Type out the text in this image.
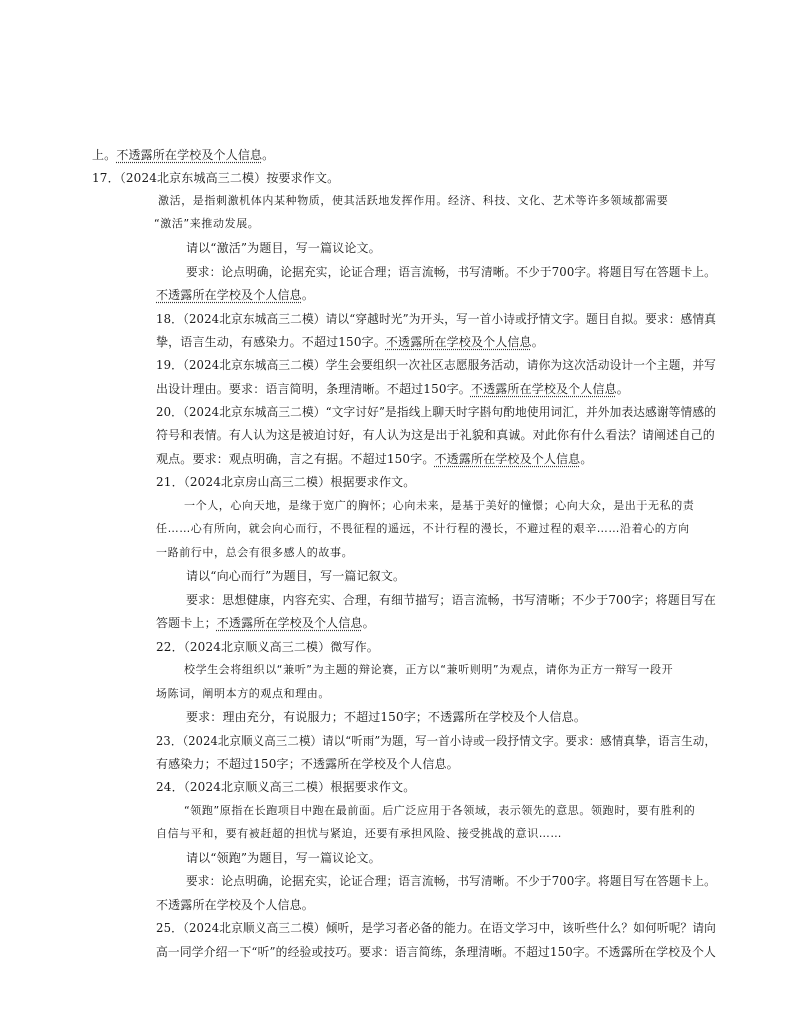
上。不透露所在学校及个人信息。
17．（2024北京东城高三二模）按要求作文。
激活，是指刺激机体内某种物质，使其活跃地发挥作用。经济、科技、文化、艺术等许多领域都需要
“激活”来推动发展。
请以“激活”为题目，写一篇议论文。
要求：论点明确，论据充实，论证合理；语言流畅，书写清晰。不少于700字。将题目写在答题卡上。
不透露所在学校及个人信息。
18．（2024北京东城高三二模）请以“穿越时光”为开头，写一首小诗或抒情文字。题目自拟。要求：感情真
挚，语言生动，有感染力。不超过150字。不透露所在学校及个人信息。
19．（2024北京东城高三二模）学生会要组织一次社区志愿服务活动，请你为这次活动设计一个主题，并写
出设计理由。要求：语言简明，条理清晰。不超过150字。不透露所在学校及个人信息。
20．（2024北京东城高三二模）“文字讨好”是指线上聊天时字斟句酌地使用词汇，并外加表达感谢等情感的
符号和表情。有人认为这是被迫讨好，有人认为这是出于礼貌和真诚。对此你有什么看法？请阐述自己的
观点。要求：观点明确，言之有据。不超过150字。不透露所在学校及个人信息。
21．（2024北京房山高三二模）根据要求作文。
一个人，心向天地，是缘于宽广的胸怀；心向未来，是基于美好的憧憬；心向大众，是出于无私的责
任……心有所向，就会向心而行，不畏征程的遥远，不计行程的漫长，不避过程的艰辛……沿着心的方向
一路前行中，总会有很多感人的故事。
请以“向心而行”为题目，写一篇记叙文。
要求：思想健康，内容充实、合理，有细节描写；语言流畅，书写清晰；不少于700字；将题目写在
答题卡上；不透露所在学校及个人信息。
22．（2024北京顺义高三二模）微写作。
校学生会将组织以“兼听”为主题的辩论赛，正方以“兼听则明”为观点，请你为正方一辩写一段开
场陈词，阐明本方的观点和理由。
要求：理由充分，有说服力；不超过150字；不透露所在学校及个人信息。
23．（2024北京顺义高三二模）请以“听雨”为题，写一首小诗或一段抒情文字。要求：感情真挚，语言生动，
有感染力；不超过150字；不透露所在学校及个人信息。
24．（2024北京顺义高三二模）根据要求作文。
“领跑”原指在长跑项目中跑在最前面。后广泛应用于各领域，表示领先的意思。领跑时，要有胜利的
自信与平和，要有被赶超的担忧与紧迫，还要有承担风险、接受挑战的意识……
请以“领跑”为题目，写一篇议论文。
要求：论点明确，论据充实，论证合理；语言流畅，书写清晰。不少于700字。将题目写在答题卡上。
不透露所在学校及个人信息。
25．（2024北京顺义高三二模）倾听，是学习者必备的能力。在语文学习中，该听些什么？如何听呢？请向
高一同学介绍一下“听”的经验或技巧。要求：语言简练，条理清晰。不超过150字。不透露所在学校及个人
